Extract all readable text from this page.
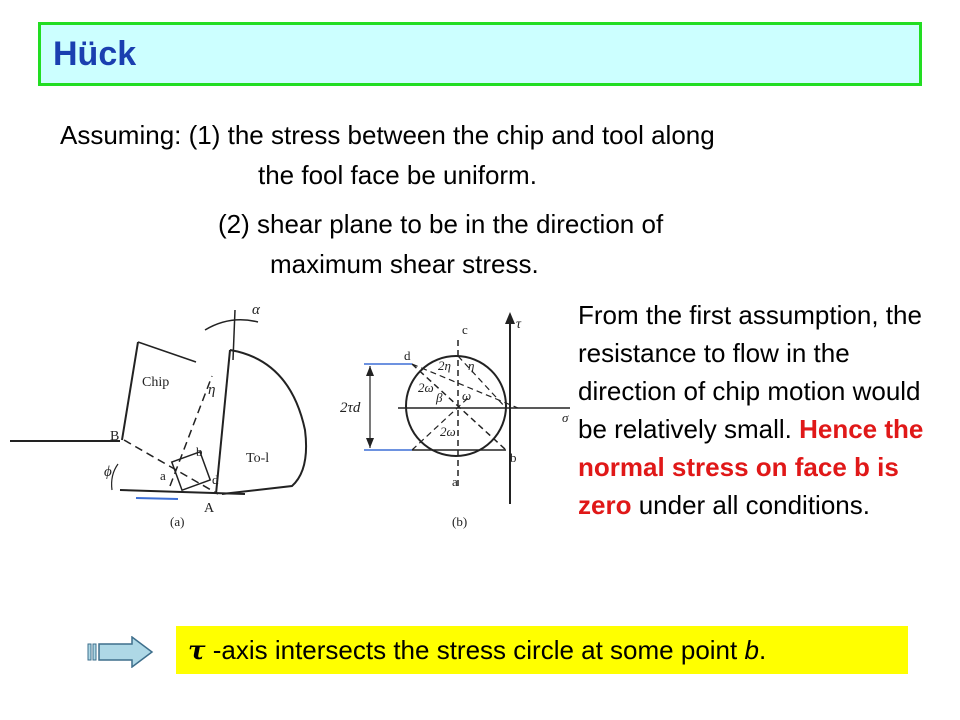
Hück
Assuming: (1) the stress between the chip and tool along
the fool face be uniform.
(2) shear plane to be in the direction of
maximum shear stress.
α
η
Chip
B
b	To-l
ϕ	a	d
A
(a)
τ
c
d
2η η
2ω
β ω
σ
2τd
2ω
b
a
(b)
From the first assumption, the resistance to flow in the direction of chip motion would be relatively small. Hence the normal stress on face b is zero under all conditions.
τ -axis intersects the stress circle at some point b.
